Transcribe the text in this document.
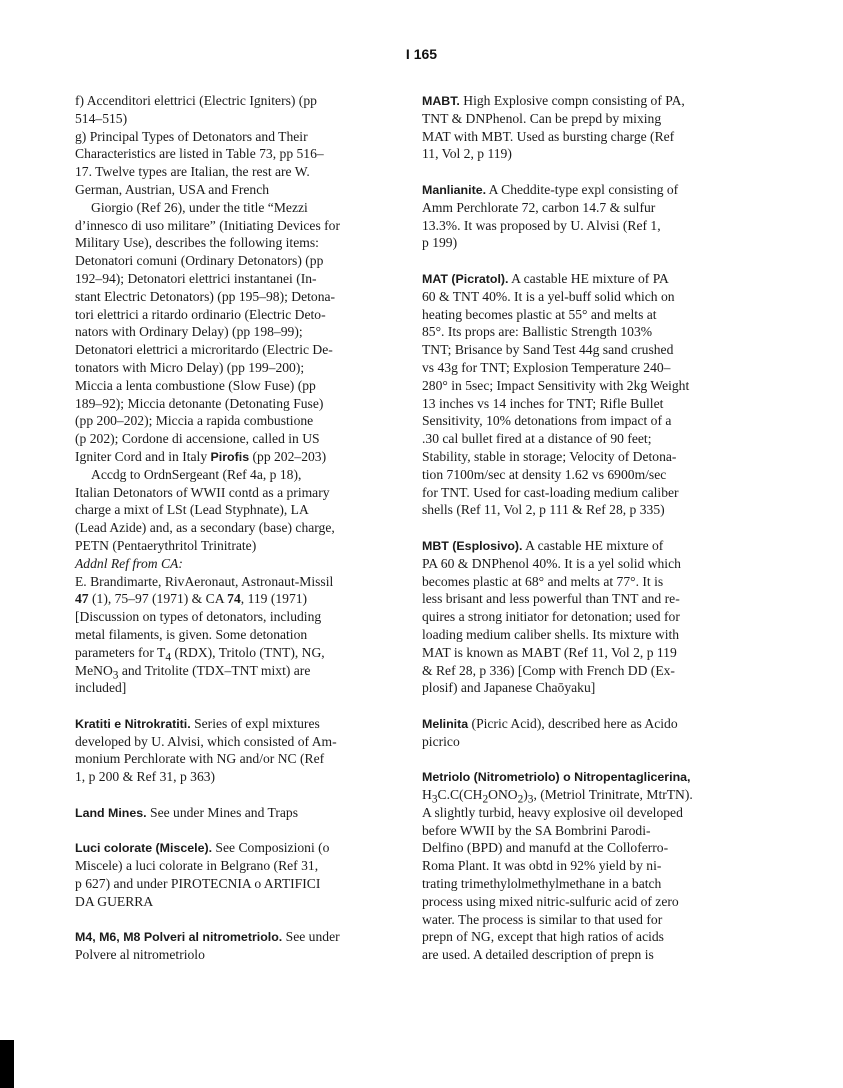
I 165
f) Accenditori elettrici (Electric Igniters) (pp
514–515)
g) Principal Types of Detonators and Their
Characteristics are listed in Table 73, pp 516–
17. Twelve types are Italian, the rest are W.
German, Austrian, USA and French
Giorgio (Ref 26), under the title “Mezzi
d’innesco di uso militare” (Initiating Devices for
Military Use), describes the following items:
Detonatori comuni (Ordinary Detonators) (pp
192–94); Detonatori elettrici instantanei (In-
stant Electric Detonators) (pp 195–98); Detona-
tori elettrici a ritardo ordinario (Electric Deto-
nators with Ordinary Delay) (pp 198–99);
Detonatori elettrici a microritardo (Electric De-
tonators with Micro Delay) (pp 199–200);
Miccia a lenta combustione (Slow Fuse) (pp
189–92); Miccia detonante (Detonating Fuse)
(pp 200–202); Miccia a rapida combustione
(p 202); Cordone di accensione, called in US
Igniter Cord and in Italy Pirofis (pp 202–203)
Accdg to OrdnSergeant (Ref 4a, p 18),
Italian Detonators of WWII contd as a primary
charge a mixt of LSt (Lead Styphnate), LA
(Lead Azide) and, as a secondary (base) charge,
PETN (Pentaerythritol Trinitrate)
Addnl Ref from CA:
E. Brandimarte, RivAeronaut, Astronaut-Missil
47 (1), 75–97 (1971) & CA 74, 119 (1971)
[Discussion on types of detonators, including
metal filaments, is given. Some detonation
parameters for $T_4$ (RDX), Tritolo (TNT), NG,
MeNO$_3$ and Tritolite (TDX–TNT mixt) are
included]
Kratiti e Nitrokratiti. Series of expl mixtures
developed by U. Alvisi, which consisted of Am-
monium Perchlorate with NG and/or NC (Ref
1, p 200 & Ref 31, p 363)
Land Mines. See under Mines and Traps
Luci colorate (Miscele). See Composizioni (o
Miscele) a luci colorate in Belgrano (Ref 31,
p 627) and under PIROTECNIA o ARTIFICI
DA GUERRA
M4, M6, M8 Polveri al nitrometriolo. See under
Polvere al nitrometriolo
MABT. High Explosive compn consisting of PA,
TNT & DNPhenol. Can be prepd by mixing
MAT with MBT. Used as bursting charge (Ref
11, Vol 2, p 119)
Manlianite. A Cheddite-type expl consisting of
Amm Perchlorate 72, carbon 14.7 & sulfur
13.3%. It was proposed by U. Alvisi (Ref 1,
p 199)
MAT (Picratol). A castable HE mixture of PA
60 & TNT 40%. It is a yel-buff solid which on
heating becomes plastic at 55° and melts at
85°. Its props are: Ballistic Strength 103%
TNT; Brisance by Sand Test 44g sand crushed
vs 43g for TNT; Explosion Temperature 240–
280° in 5sec; Impact Sensitivity with 2kg Weight
13 inches vs 14 inches for TNT; Rifle Bullet
Sensitivity, 10% detonations from impact of a
.30 cal bullet fired at a distance of 90 feet;
Stability, stable in storage; Velocity of Detona-
tion 7100m/sec at density 1.62 vs 6900m/sec
for TNT. Used for cast-loading medium caliber
shells (Ref 11, Vol 2, p 111 & Ref 28, p 335)
MBT (Esplosivo). A castable HE mixture of
PA 60 & DNPhenol 40%. It is a yel solid which
becomes plastic at 68° and melts at 77°. It is
less brisant and less powerful than TNT and re-
quires a strong initiator for detonation; used for
loading medium caliber shells. Its mixture with
MAT is known as MABT (Ref 11, Vol 2, p 119
& Ref 28, p 336) [Comp with French DD (Ex-
plosif) and Japanese Chaōyaku]
Melinita (Picric Acid), described here as Acido
picrico
Metriolo (Nitrometriolo) o Nitropentaglicerina,
$H_3C.C(CH_2ONO_2)_3$, (Metriol Trinitrate, MtrTN).
A slightly turbid, heavy explosive oil developed
before WWII by the SA Bombrini Parodi-
Delfino (BPD) and manufd at the Colloferro-
Roma Plant. It was obtd in 92% yield by ni-
trating trimethylolmethylmethane in a batch
process using mixed nitric-sulfuric acid of zero
water. The process is similar to that used for
prepn of NG, except that high ratios of acids
are used. A detailed description of prepn is
